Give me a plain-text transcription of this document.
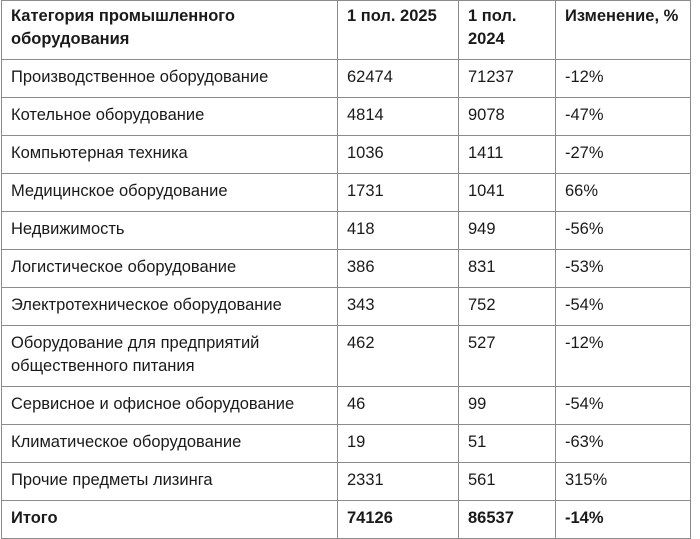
Категория промышленного оборудования	1 пол. 2025	1 пол. 2024	Изменение, %
Производственное оборудование	62474	71237	-12%
Котельное оборудование	4814	9078	-47%
Компьютерная техника	1036	1411	-27%
Медицинское оборудование	1731	1041	66%
Недвижимость	418	949	-56%
Логистическое оборудование	386	831	-53%
Электротехническое оборудование	343	752	-54%
Оборудование для предприятий общественного питания	462	527	-12%
Сервисное и офисное оборудование	46	99	-54%
Климатическое оборудование	19	51	-63%
Прочие предметы лизинга	2331	561	315%
Итого	74126	86537	-14%
